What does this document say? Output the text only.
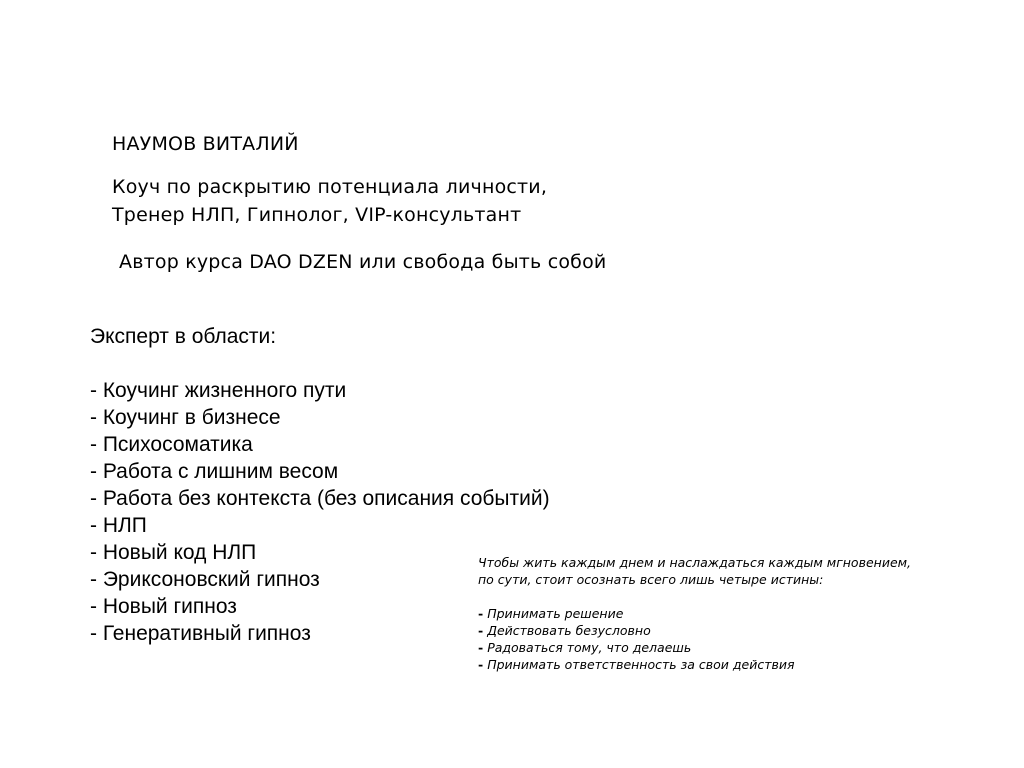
НАУМОВ ВИТАЛИЙ
Коуч по раскрытию потенциала личности,
Тренер НЛП, Гипнолог, VIP-консультант
Автор курса DAO DZEN или свобода быть собой
Эксперт в области:
- Коучинг жизненного пути
- Коучинг в бизнесе
- Психосоматика
- Работа с лишним весом
- Работа без контекста (без описания событий)
- НЛП
- Новый код НЛП
- Эриксоновский гипноз
- Новый гипноз
- Генеративный гипноз
Чтобы жить каждым днем и наслаждаться каждым мгновением,
по сути, стоит осознать всего лишь четыре истины:
- Принимать решение
- Действовать безусловно
- Радоваться тому, что делаешь
- Принимать ответственность за свои действия
